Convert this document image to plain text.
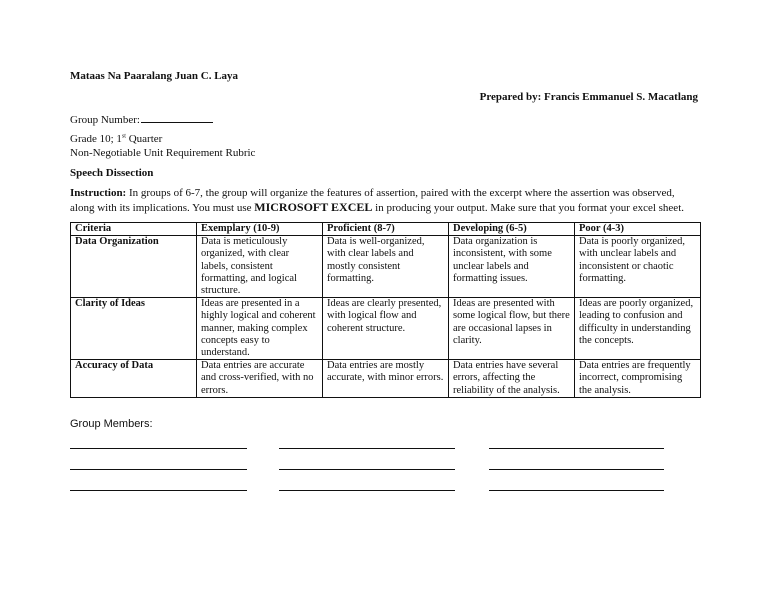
Mataas Na Paaralang Juan C. Laya
Prepared by: Francis Emmanuel S. Macatlang
Group Number:
Grade 10; 1st Quarter
Non-Negotiable Unit Requirement Rubric
Speech Dissection
Instruction: In groups of 6-7, the group will organize the features of assertion, paired with the excerpt where the assertion was observed, along with its implications. You must use MICROSOFT EXCEL in producing your output. Make sure that you format your excel sheet.
Criteria	Exemplary (10-9)	Proficient (8-7)	Developing (6-5)	Poor (4-3)
Data Organization	Data is meticulously organized, with clear labels, consistent formatting, and logical structure.	Data is well-organized, with clear labels and mostly consistent formatting.	Data organization is inconsistent, with some unclear labels and formatting issues.	Data is poorly organized, with unclear labels and inconsistent or chaotic formatting.
Clarity of Ideas	Ideas are presented in a highly logical and coherent manner, making complex concepts easy to understand.	Ideas are clearly presented, with logical flow and coherent structure.	Ideas are presented with some logical flow, but there are occasional lapses in clarity.	Ideas are poorly organized, leading to confusion and difficulty in understanding the concepts.
Accuracy of Data	Data entries are accurate and cross-verified, with no errors.	Data entries are mostly accurate, with minor errors.	Data entries have several errors, affecting the reliability of the analysis.	Data entries are frequently incorrect, compromising the analysis.
Group Members:
